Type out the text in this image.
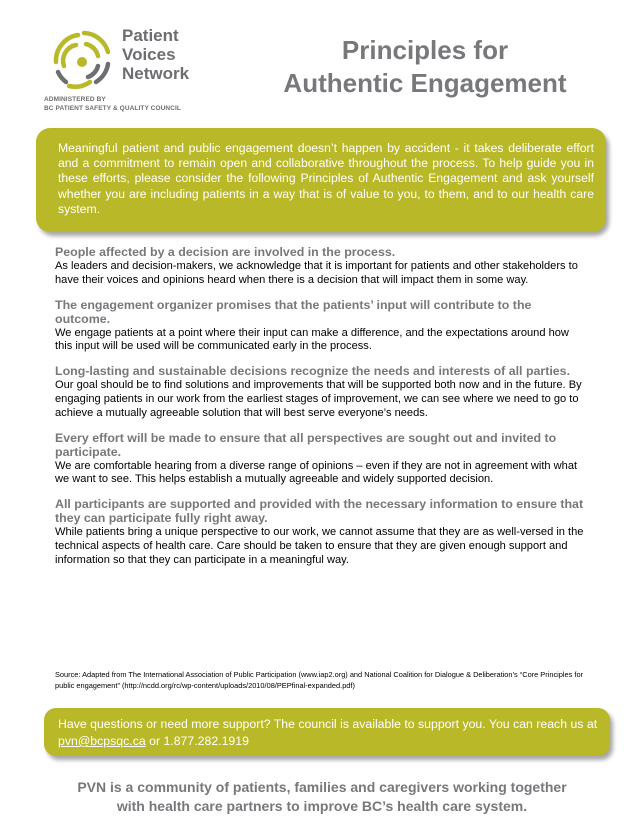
Patient
Voices
Network
ADMINISTERED BY
BC PATIENT SAFETY & QUALITY COUNCIL
Principles for
Authentic Engagement
Meaningful patient and public engagement doesn’t happen by accident - it takes deliberate effort and a commitment to remain open and collaborative throughout the process. To help guide you in these efforts, please consider the following Principles of Authentic Engagement and ask yourself whether you are including patients in a way that is of value to you, to them, and to our health care system.

People affected by a decision are involved in the process.

As leaders and decision-makers, we acknowledge that it is important for patients and other stakeholders to have their voices and opinions heard when there is a decision that will impact them in some way.

The engagement organizer promises that the patients’ input will contribute to the outcome.

We engage patients at a point where their input can make a difference, and the expectations around how this input will be used will be communicated early in the process.

Long-lasting and sustainable decisions recognize the needs and interests of all parties.

Our goal should be to find solutions and improvements that will be supported both now and in the future. By engaging patients in our work from the earliest stages of improvement, we can see where we need to go to achieve a mutually agreeable solution that will best serve everyone’s needs.

Every effort will be made to ensure that all perspectives are sought out and invited to participate.

We are comfortable hearing from a diverse range of opinions – even if they are not in agreement with what we want to see. This helps establish a mutually agreeable and widely supported decision.

All participants are supported and provided with the necessary information to ensure that they can participate fully right away.

While patients bring a unique perspective to our work, we cannot assume that they are as well-versed in the technical aspects of health care. Care should be taken to ensure that they are given enough support and information so that they can participate in a meaningful way.

Source: Adapted from The International Association of Public Participation (www.iap2.org) and National Coalition for Dialogue & Deliberation’s “Core Principles for public engagement” (http://ncdd.org/rc/wp-content/uploads/2010/08/PEPfinal-expanded.pdf)
Have questions or need more support? The council is available to support you. You can reach us at pvn@bcpsqc.ca or 1.877.282.1919
PVN is a community of patients, families and caregivers working together
with health care partners to improve BC’s health care system.
